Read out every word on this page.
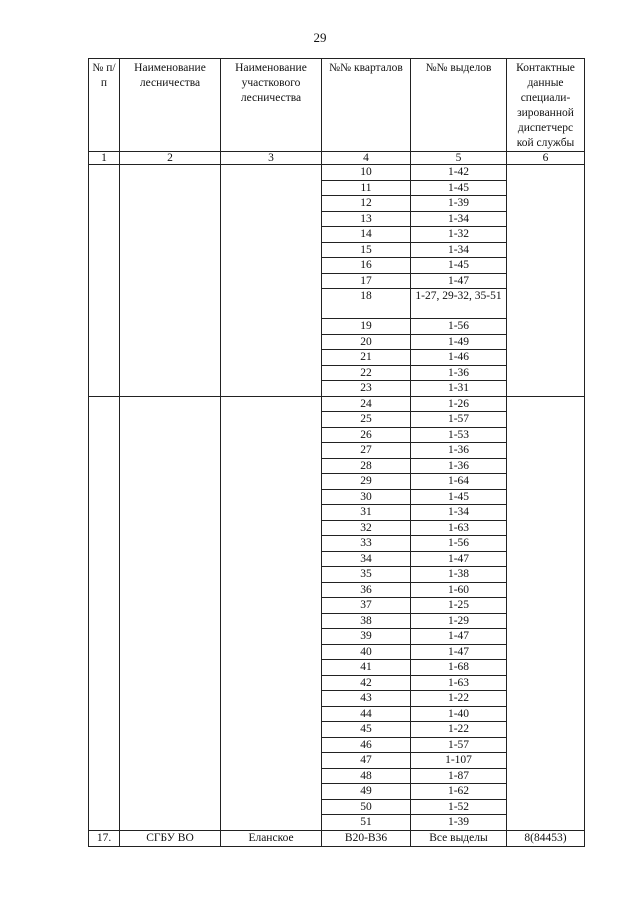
29
№ п/п	Наименование лесничества	Наименование участкового лесничества	№№ кварталов	№№ выделов	Контактные данные специали-зированной диспетчерс кой службы
1	2	3	4	5	6
			10	1-42	
			11	1-45	
			12	1-39	
			13	1-34	
			14	1-32	
			15	1-34	
			16	1-45	
			17	1-47	
			18	1-27, 29-32, 35-51	
			19	1-56	
			20	1-49	
			21	1-46	
			22	1-36	
			23	1-31	
			24	1-26	
			25	1-57	
			26	1-53	
			27	1-36	
			28	1-36	
			29	1-64	
			30	1-45	
			31	1-34	
			32	1-63	
			33	1-56	
			34	1-47	
			35	1-38	
			36	1-60	
			37	1-25	
			38	1-29	
			39	1-47	
			40	1-47	
			41	1-68	
			42	1-63	
			43	1-22	
			44	1-40	
			45	1-22	
			46	1-57	
			47	1-107	
			48	1-87	
			49	1-62	
			50	1-52	
			51	1-39	
17.	СГБУ ВО	Еланское	В20-В36	Все выделы	8(84453)
